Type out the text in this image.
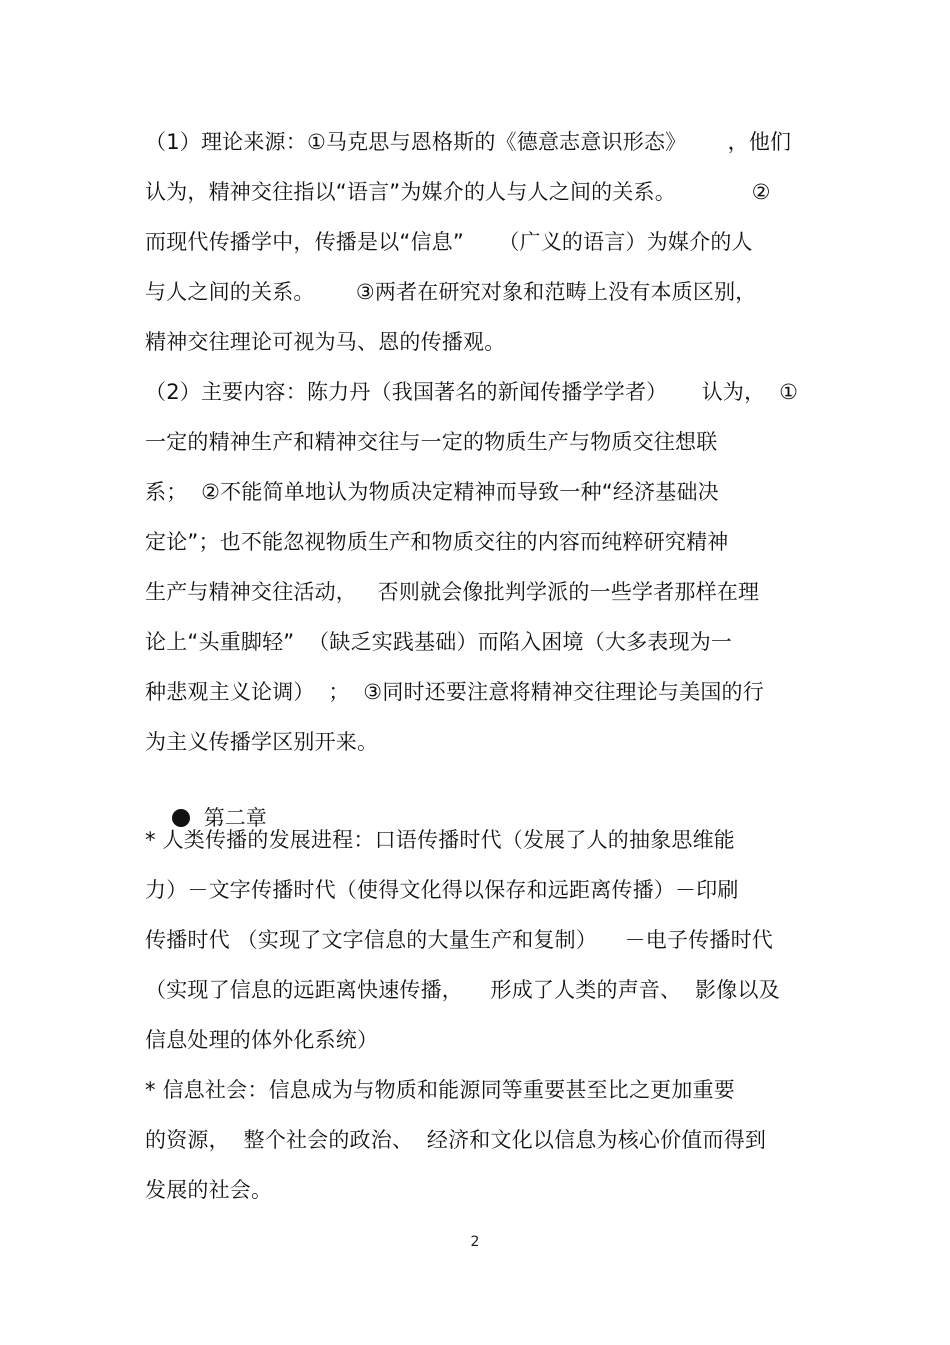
（1）理论来源：①马克思与恩格斯的《德意志意识形态》      ，他们
认为，精神交往指以“语言”为媒介的人与人之间的关系。           ②
而现代传播学中，传播是以“信息”     （广义的语言）为媒介的人
与人之间的关系。      ③两者在研究对象和范畴上没有本质区别，
精神交往理论可视为马、恩的传播观。
（2）主要内容：陈力丹（我国著名的新闻传播学学者）     认为，  ①
一定的精神生产和精神交往与一定的物质生产与物质交往想联
系；  ②不能简单地认为物质决定精神而导致一种“经济基础决
定论”；也不能忽视物质生产和物质交往的内容而纯粹研究精神
生产与精神交往活动，   否则就会像批判学派的一些学者那样在理
论上“头重脚轻”  （缺乏实践基础）而陷入困境（大多表现为一
种悲观主义论调）  ；  ③同时还要注意将精神交往理论与美国的行
为主义传播学区别开来。

第二章

* 人类传播的发展进程：口语传播时代（发展了人的抽象思维能
力）－文字传播时代（使得文化得以保存和远距离传播）－印刷
传播时代 （实现了文字信息的大量生产和复制）    －电子传播时代
（实现了信息的远距离快速传播，    形成了人类的声音、  影像以及
信息处理的体外化系统）
* 信息社会：信息成为与物质和能源同等重要甚至比之更加重要
的资源，  整个社会的政治、  经济和文化以信息为核心价值而得到
发展的社会。
2
